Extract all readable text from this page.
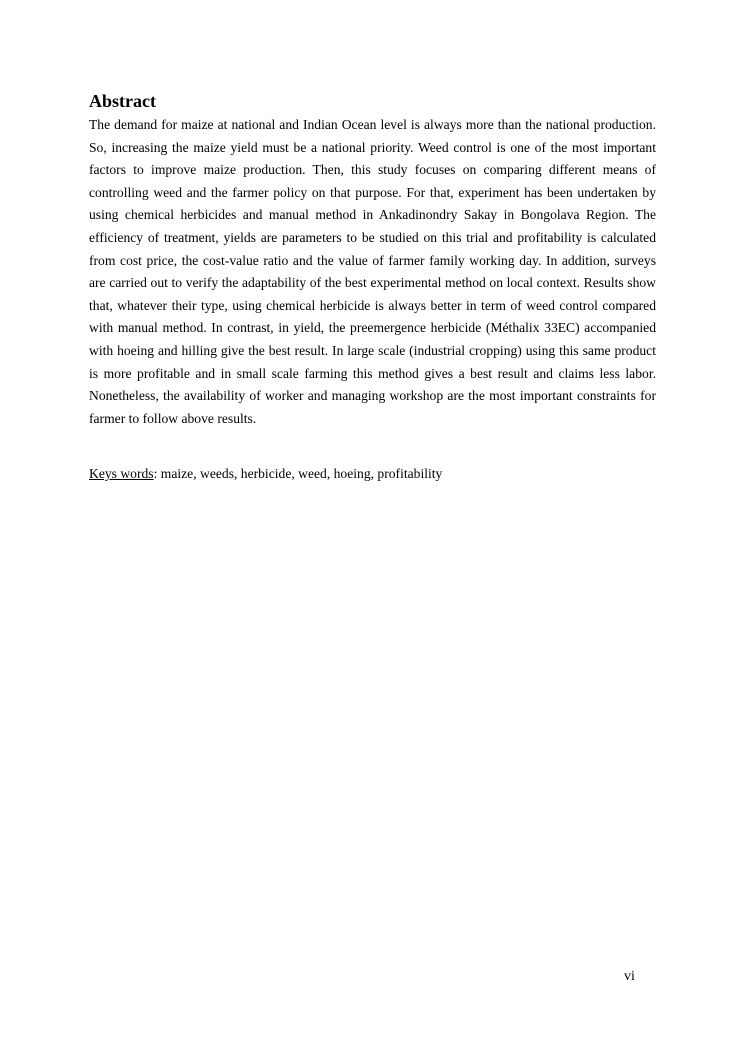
Abstract

The demand for maize at national and Indian Ocean level is always more than the national production. So, increasing the maize yield must be a national priority. Weed control is one of the most important factors to improve maize production. Then, this study focuses on comparing different means of controlling weed and the farmer policy on that purpose. For that, experiment has been undertaken by using chemical herbicides and manual method in Ankadinondry Sakay in Bongolava Region. The efficiency of treatment, yields are parameters to be studied on this trial and profitability is calculated from cost price, the cost-value ratio and the value of farmer family working day. In addition, surveys are carried out to verify the adaptability of the best experimental method on local context. Results show that, whatever their type, using chemical herbicide is always better in term of weed control compared with manual method. In contrast, in yield, the preemergence herbicide (Méthalix 33EC) accompanied with hoeing and hilling give the best result. In large scale (industrial cropping) using this same product is more profitable and in small scale farming this method gives a best result and claims less labor. Nonetheless, the availability of worker and managing workshop are the most important constraints for farmer to follow above results.

Keys words: maize, weeds, herbicide, weed, hoeing, profitability

vi
